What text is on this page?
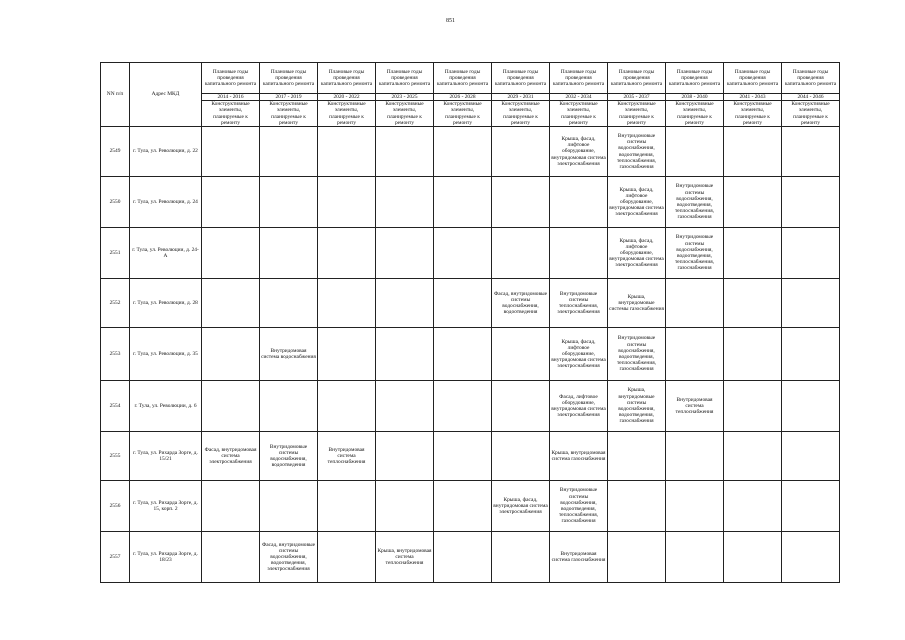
851
NN п/п	Адрес МКД	Плановые годы проведения капитального ремонта	Плановые годы проведения капитального ремонта	Плановые годы проведения капитального ремонта	Плановые годы проведения капитального ремонта	Плановые годы проведения капитального ремонта	Плановые годы проведения капитального ремонта	Плановые годы проведения капитального ремонта	Плановые годы проведения капитального ремонта	Плановые годы проведения капитального ремонта	Плановые годы проведения капитального ремонта	Плановые годы проведения капитального ремонта
		2014 - 2016	2017 - 2019	2020 - 2022	2023 - 2025	2026 - 2028	2029 - 2031	2032 - 2034	2035 - 2037	2038 - 2040	2041 - 2043	2044 - 2046
		Конструктивные элементы, планируемые к ремонту	Конструктивные элементы, планируемые к ремонту	Конструктивные элементы, планируемые к ремонту	Конструктивные элементы, планируемые к ремонту	Конструктивные элементы, планируемые к ремонту	Конструктивные элементы, планируемые к ремонту	Конструктивные элементы, планируемые к ремонту	Конструктивные элементы, планируемые к ремонту	Конструктивные элементы, планируемые к ремонту	Конструктивные элементы, планируемые к ремонту	Конструктивные элементы, планируемые к ремонту
2549	г. Тула, ул. Революции, д. 22							Крыша, фасад, лифтовое оборудование, внутридомовая система электроснабжения	Внутридомовые системы водоснабжения, водоотведения, теплоснабжения, газоснабжения			
2550	г. Тула, ул. Революции, д. 24								Крыша, фасад, лифтовое оборудование, внутридомовая система электроснабжения	Внутридомовые системы водоснабжения, водоотведения, теплоснабжения, газоснабжения		
2551	г. Тула, ул. Революции, д. 24-А								Крыша, фасад, лифтовое оборудование, внутридомовая система электроснабжения	Внутридомовые системы водоснабжения, водоотведения, теплоснабжения, газоснабжения		
2552	г. Тула, ул. Революции, д. 28						Фасад, внутридомовые системы водоснабжения, водоотведения	Внутридомовые системы теплоснабжения, электроснабжения	Крыша, внутридомовые системы газоснабжения			
2553	г. Тула, ул. Революции, д. 35		Внутридомовая система водоснабжения					Крыша, фасад, лифтовое оборудование, внутридомовая система электроснабжения	Внутридомовые системы водоснабжения, водоотведения, теплоснабжения, газоснабжения			
2554	г. Тула, ул. Революции, д. 6							Фасад, лифтовое оборудование, внутридомовая система электроснабжения	Крыша, внутридомовые системы водоснабжения, водоотведения, газоснабжения	Внутридомовая система теплоснабжения		
2555	г. Тула, ул. Рихарда Зорге, д. 15/21	Фасад, внутридомовая система электроснабжения	Внутридомовые системы водоснабжения, водоотведения	Внутридомовая система теплоснабжения				Крыша, внутридомовая система газоснабжения				
2556	г. Тула, ул. Рихарда Зорге, д. 15, корп. 2						Крыша, фасад, внутридомовая система электроснабжения	Внутридомовые системы водоснабжения, водоотведения, теплоснабжения, газоснабжения				
2557	г. Тула, ул. Рихарда Зорге, д. 18/23		Фасад, внутридомовые системы водоснабжения, водоотведения, электроснабжения		Крыша, внутридомовая система теплоснабжения			Внутридомовая система газоснабжения				
